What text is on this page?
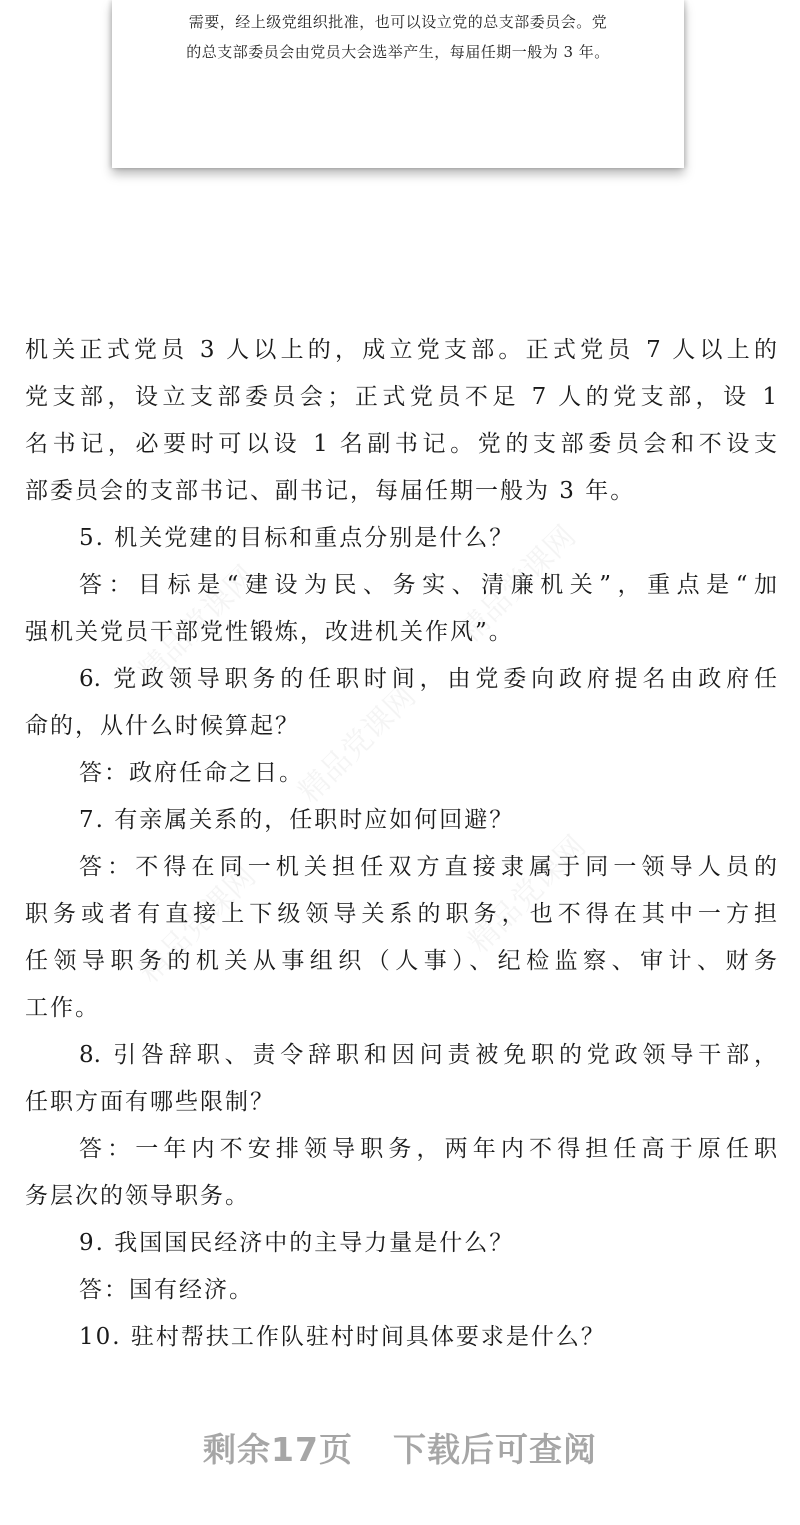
需要，经上级党组织批准，也可以设立党的总支部委员会。党
的总支部委员会由党员大会选举产生，每届任期一般为 3 年。
精品党课网	精品党课网
精品党课网
精品党课网	精品党课网
机关正式党员 3 人以上的，成立党支部。正式党员 7 人以上的
党支部，设立支部委员会；正式党员不足 7 人的党支部，设 1
名书记，必要时可以设 1 名副书记。党的支部委员会和不设支
部委员会的支部书记、副书记，每届任期一般为 3 年。
5. 机关党建的目标和重点分别是什么？
答：目标是“建设为民、务实、清廉机关”，重点是“加
强机关党员干部党性锻炼，改进机关作风”。
6. 党政领导职务的任职时间，由党委向政府提名由政府任
命的，从什么时候算起？
答：政府任命之日。
7. 有亲属关系的，任职时应如何回避？
答：不得在同一机关担任双方直接隶属于同一领导人员的
职务或者有直接上下级领导关系的职务，也不得在其中一方担
任领导职务的机关从事组织（人事）、纪检监察、审计、财务
工作。
8. 引咎辞职、责令辞职和因问责被免职的党政领导干部，
任职方面有哪些限制？
答：一年内不安排领导职务，两年内不得担任高于原任职
务层次的领导职务。
9. 我国国民经济中的主导力量是什么？
答：国有经济。
10. 驻村帮扶工作队驻村时间具体要求是什么？
剩余17页 下载后可查阅
